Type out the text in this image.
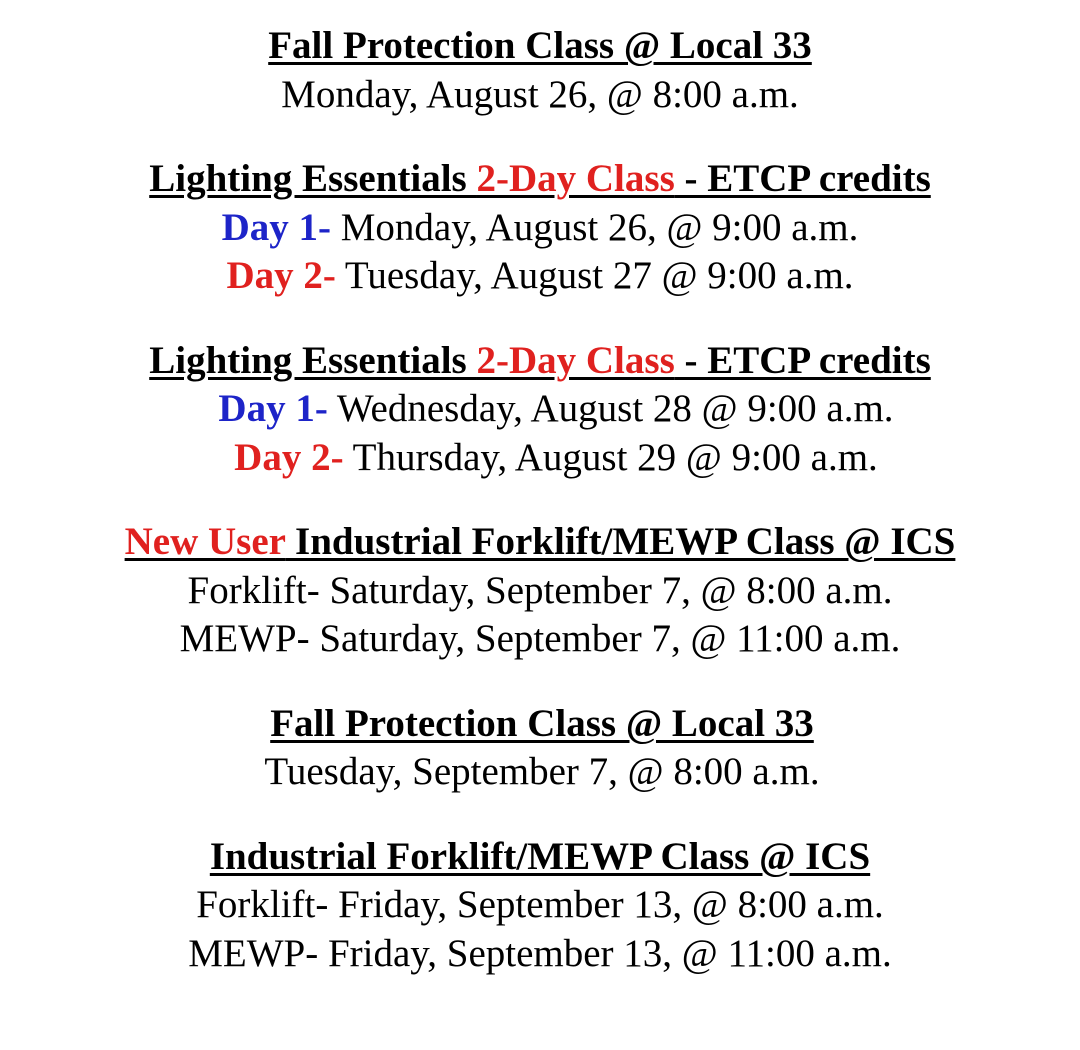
Fall Protection Class @ Local 33
Monday, August 26, @ 8:00 a.m.
Lighting Essentials 2-Day Class - ETCP credits
Day 1- Monday, August 26, @ 9:00 a.m.
Day 2- Tuesday, August 27 @ 9:00 a.m.
Lighting Essentials 2-Day Class - ETCP credits
Day 1- Wednesday, August 28 @ 9:00 a.m.
Day 2- Thursday, August 29 @ 9:00 a.m.
New User Industrial Forklift/MEWP Class @ ICS
Forklift- Saturday, September 7, @ 8:00 a.m.
MEWP- Saturday, September 7, @ 11:00 a.m.
Fall Protection Class @ Local 33
Tuesday, September 7, @ 8:00 a.m.
Industrial Forklift/MEWP Class @ ICS
Forklift- Friday, September 13, @ 8:00 a.m.
MEWP- Friday, September 13, @ 11:00 a.m.
